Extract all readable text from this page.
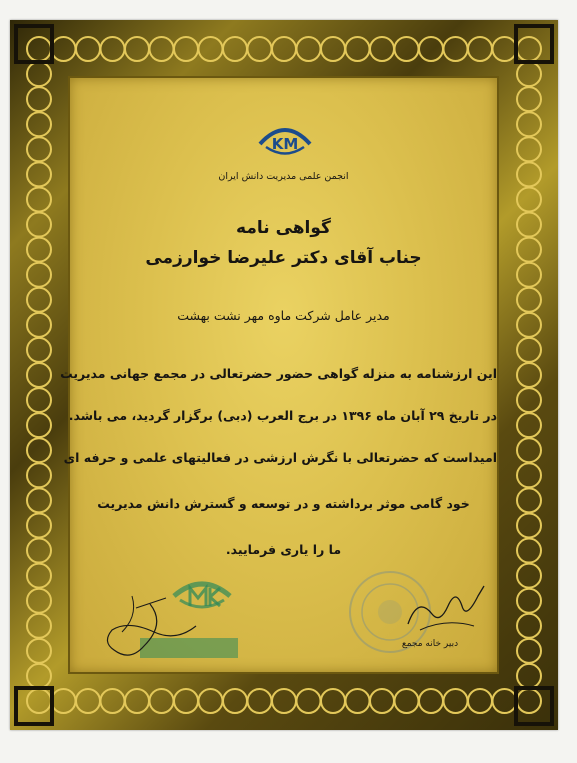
KM

انجمن علمی مدیریت دانش ایران

گواهی نامه

جناب آقای دکتر علیرضا خوارزمی

مدیر عامل شرکت ماوه مهر نشت بهشت

این ارزشنامه به منزله گواهی حضور حضرتعالی در مجمع جهانی مدیریت

در تاریخ ۲۹ آبان ماه ۱۳۹۶ در برج العرب (دبی) برگزار گردید، می باشد.

امیداست که حضرتعالی با نگرش ارزشی در فعالیتهای علمی و حرفه ای

خود گامی موثر برداشته و در توسعه و گسترش دانش مدیریت

ما را یاری فرمایید.

دبیر خانه مجمع
